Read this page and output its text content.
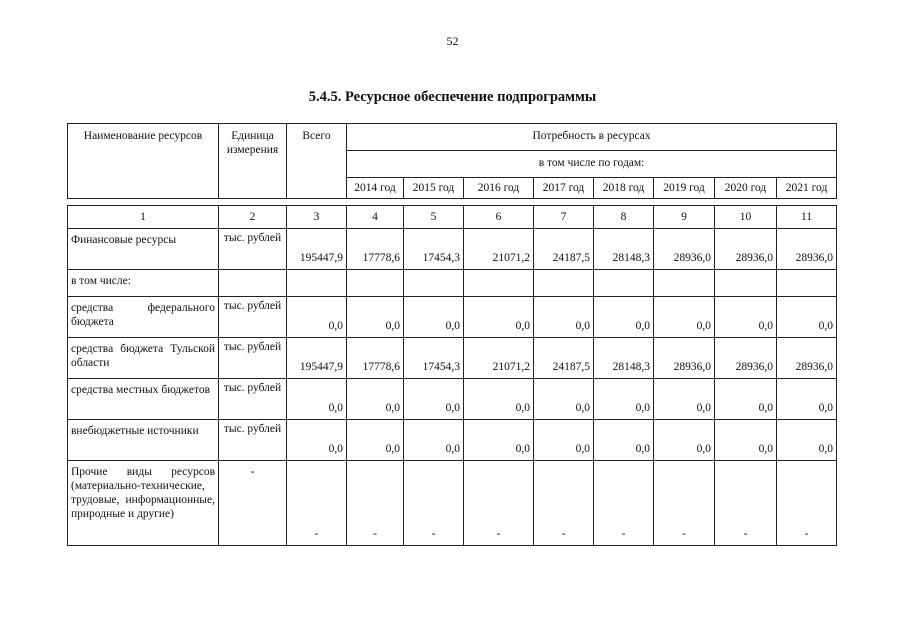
52
5.4.5. Ресурсное обеспечение подпрограммы
Наименование ресурсов	Единица измерения	Всего	Потребность в ресурсах							
			в том числе по годам:							
			2014 год	2015 год	2016 год	2017 год	2018 год	2019 год	2020 год	2021 год
1	2	3	4	5	6	7	8	9	10	11
Финансовые ресурсы	тыс. рублей	195447,9	17778,6	17454,3	21071,2	24187,5	28148,3	28936,0	28936,0	28936,0
в том числе:										
средства федерального бюджета	тыс. рублей	0,0	0,0	0,0	0,0	0,0	0,0	0,0	0,0	0,0
средства бюджета Тульской области	тыс. рублей	195447,9	17778,6	17454,3	21071,2	24187,5	28148,3	28936,0	28936,0	28936,0
средства местных бюджетов	тыс. рублей	0,0	0,0	0,0	0,0	0,0	0,0	0,0	0,0	0,0
внебюджетные источники	тыс. рублей	0,0	0,0	0,0	0,0	0,0	0,0	0,0	0,0	0,0
Прочие виды ресурсов (материально-технические, трудовые, информационные, природные и другие)	-	-	-	-	-	-	-	-	-	-
